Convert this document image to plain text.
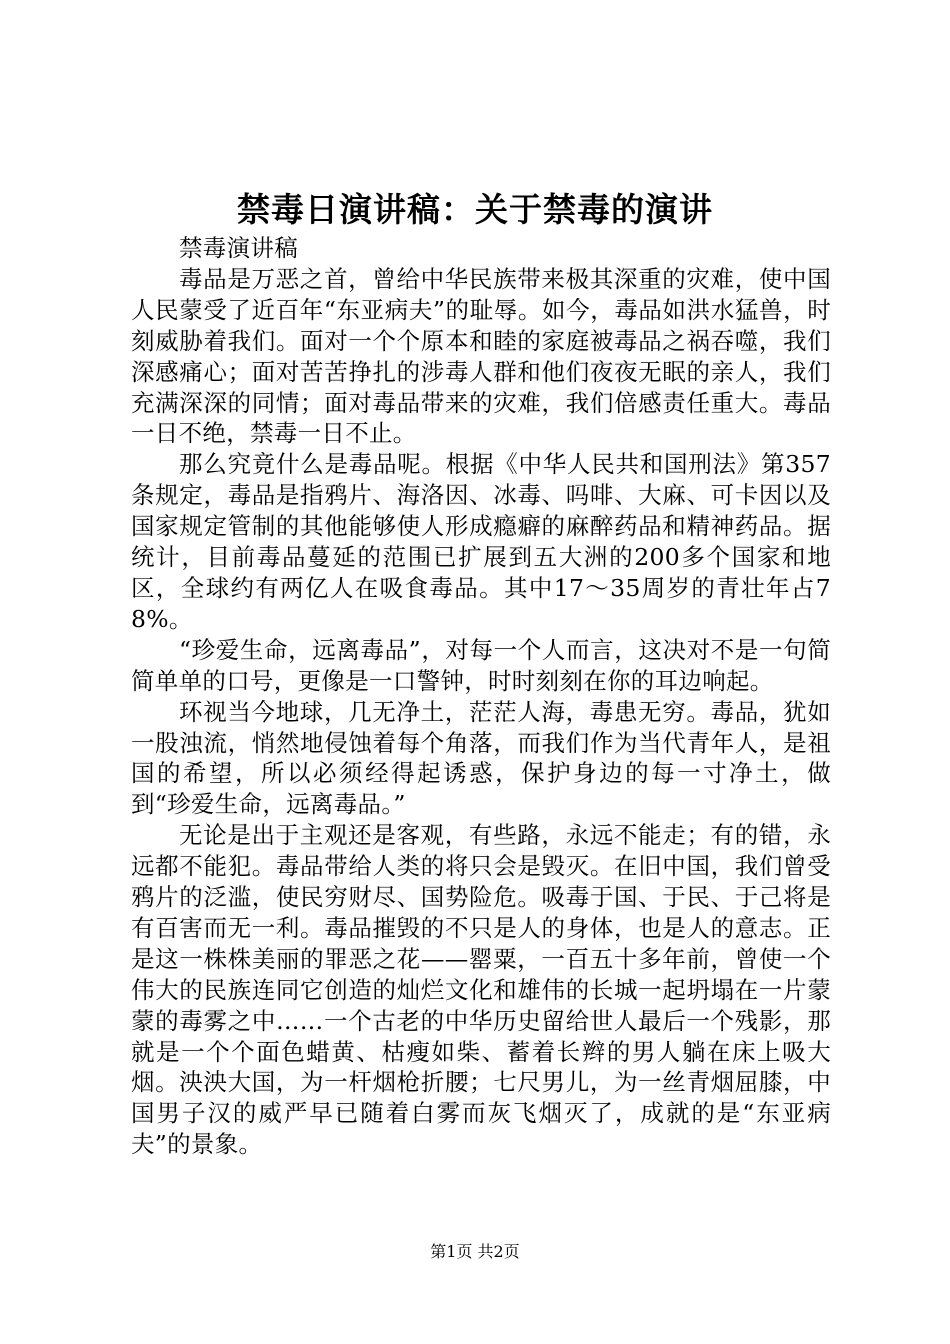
禁毒日演讲稿：关于禁毒的演讲

禁毒演讲稿

毒品是万恶之首，曾给中华民族带来极其深重的灾难，使中国人民蒙受了近百年“东亚病夫”的耻辱。如今，毒品如洪水猛兽，时刻威胁着我们。面对一个个原本和睦的家庭被毒品之祸吞噬，我们深感痛心；面对苦苦挣扎的涉毒人群和他们夜夜无眠的亲人，我们充满深深的同情；面对毒品带来的灾难，我们倍感责任重大。毒品一日不绝，禁毒一日不止。

那么究竟什么是毒品呢。根据《中华人民共和国刑法》第357条规定，毒品是指鸦片、海洛因、冰毒、吗啡、大麻、可卡因以及国家规定管制的其他能够使人形成瘾癖的麻醉药品和精神药品。据统计，目前毒品蔓延的范围已扩展到五大洲的200多个国家和地区，全球约有两亿人在吸食毒品。其中17～35周岁的青壮年占78%。

“珍爱生命，远离毒品”，对每一个人而言，这决对不是一句简简单单的口号，更像是一口警钟，时时刻刻在你的耳边响起。

环视当今地球，几无净土，茫茫人海，毒患无穷。毒品，犹如一股浊流，悄然地侵蚀着每个角落，而我们作为当代青年人，是祖国的希望，所以必须经得起诱惑，保护身边的每一寸净土，做到“珍爱生命，远离毒品。”

无论是出于主观还是客观，有些路，永远不能走；有的错，永远都不能犯。毒品带给人类的将只会是毁灭。在旧中国，我们曾受鸦片的泛滥，使民穷财尽、国势险危。吸毒于国、于民、于己将是有百害而无一利。毒品摧毁的不只是人的身体，也是人的意志。正是这一株株美丽的罪恶之花——罂粟，一百五十多年前，曾使一个伟大的民族连同它创造的灿烂文化和雄伟的长城一起坍塌在一片蒙蒙的毒雾之中……一个古老的中华历史留给世人最后一个残影，那就是一个个面色蜡黄、枯瘦如柴、蓄着长辫的男人躺在床上吸大烟。泱泱大国，为一杆烟枪折腰；七尺男儿，为一丝青烟屈膝，中国男子汉的威严早已随着白雾而灰飞烟灭了，成就的是“东亚病夫”的景象。

第1页 共2页
